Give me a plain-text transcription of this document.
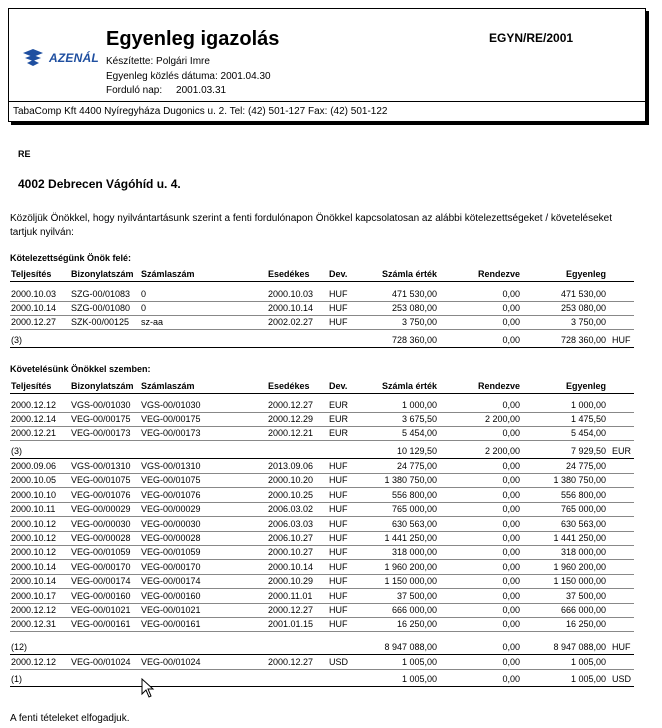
AZENÁL
Egyenleg igazolás	EGYN/RE/2001
Készítette: Polgári Imre
Egyenleg közlés dátuma: 2001.04.30
Forduló nap:     2001.03.31
TabaComp Kft 4400 Nyíregyháza Dugonics u. 2. Tel: (42) 501-127 Fax: (42) 501-122
RE
4002 Debrecen Vágóhíd u. 4.
Közöljük Önökkel, hogy nyilvántartásunk szerint a fenti fordulónapon Önökkel kapcsolatosan az alábbi kötelezettségeket / követeléseket tartjuk nyilván:
Kötelezettségünk Önök felé:
Teljesítés Bizonylatszám Számlaszám	Esedékes Dev.	Számla érték	Rendezve	Egyenleg
2000.10.03 SZG-00/01083 0	2000.10.03 HUF	471 530,00	0,00	471 530,00
2000.10.14 SZG-00/01080 0	2000.10.14 HUF	253 080,00	0,00	253 080,00
2000.12.27 SZK-00/00125 sz-aa	2002.02.27 HUF	3 750,00	0,00	3 750,00
(3)	728 360,00	0,00	728 360,00 HUF
Követelésünk Önökkel szemben:
Teljesítés Bizonylatszám Számlaszám	Esedékes Dev.	Számla érték	Rendezve	Egyenleg
2000.12.12 VGS-00/01030 VGS-00/01030	2000.12.27 EUR	1 000,00	0,00	1 000,00
2000.12.14 VEG-00/00175 VEG-00/00175	2000.12.29 EUR	3 675,50	2 200,00	1 475,50
2000.12.21 VEG-00/00173 VEG-00/00173	2000.12.21 EUR	5 454,00	0,00	5 454,00
(3)	10 129,50	2 200,00	7 929,50 EUR
2000.09.06 VGS-00/01310 VGS-00/01310	2013.09.06 HUF	24 775,00	0,00	24 775,00
2000.10.05 VEG-00/01075 VEG-00/01075	2000.10.20 HUF	1 380 750,00	0,00	1 380 750,00
2000.10.10 VEG-00/01076 VEG-00/01076	2000.10.25 HUF	556 800,00	0,00	556 800,00
2000.10.11 VEG-00/00029 VEG-00/00029	2006.03.02 HUF	765 000,00	0,00	765 000,00
2000.10.12 VEG-00/00030 VEG-00/00030	2006.03.03 HUF	630 563,00	0,00	630 563,00
2000.10.12 VEG-00/00028 VEG-00/00028	2006.10.27 HUF	1 441 250,00	0,00	1 441 250,00
2000.10.12 VEG-00/01059 VEG-00/01059	2000.10.27 HUF	318 000,00	0,00	318 000,00
2000.10.14 VEG-00/00170 VEG-00/00170	2000.10.14 HUF	1 960 200,00	0,00	1 960 200,00
2000.10.14 VEG-00/00174 VEG-00/00174	2000.10.29 HUF	1 150 000,00	0,00	1 150 000,00
2000.10.17 VEG-00/00160 VEG-00/00160	2000.11.01 HUF	37 500,00	0,00	37 500,00
2000.12.12 VEG-00/01021 VEG-00/01021	2000.12.27 HUF	666 000,00	0,00	666 000,00
2000.12.31 VEG-00/00161 VEG-00/00161	2001.01.15 HUF	16 250,00	0,00	16 250,00
(12)	8 947 088,00	0,00	8 947 088,00 HUF
2000.12.12 VEG-00/01024 VEG-00/01024	2000.12.27 USD	1 005,00	0,00	1 005,00
(1)	1 005,00	0,00	1 005,00 USD
A fenti tételeket elfogadjuk.
